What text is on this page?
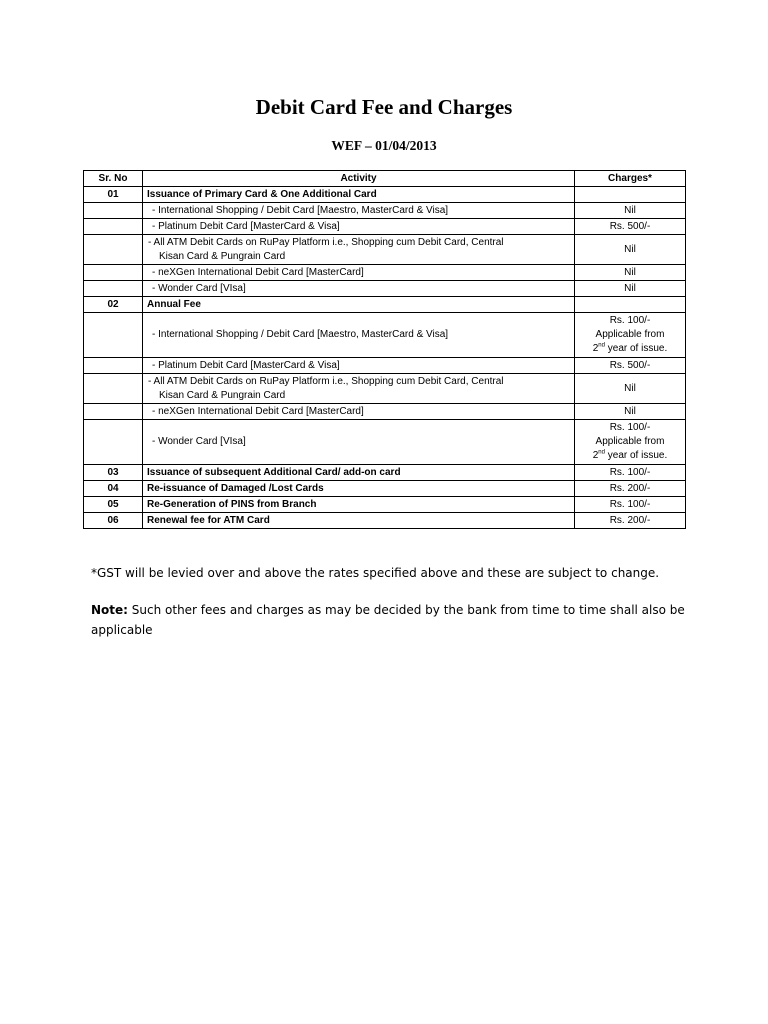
Debit Card Fee and Charges
WEF – 01/04/2013
Sr. No	Activity	Charges*
01	Issuance of Primary Card & One Additional Card	
	- International Shopping / Debit Card [Maestro, MasterCard & Visa]	Nil
	- Platinum Debit Card [MasterCard & Visa]	Rs. 500/-
	- All ATM Debit Cards on RuPay Platform i.e., Shopping cum Debit Card, Central
Kisan Card & Pungrain Card	Nil
	- neXGen International Debit Card [MasterCard]	Nil
	- Wonder Card [VIsa]	Nil
02	Annual Fee	
	- International Shopping / Debit Card [Maestro, MasterCard & Visa]	Rs. 100/-
Applicable from
2nd year of issue.

	- Platinum Debit Card [MasterCard & Visa]	Rs. 500/-
	- All ATM Debit Cards on RuPay Platform i.e., Shopping cum Debit Card, Central
Kisan Card & Pungrain Card	Nil
	- neXGen International Debit Card [MasterCard]	Nil
	- Wonder Card [VIsa]	Rs. 100/-
Applicable from
2nd year of issue.

03	Issuance of subsequent Additional Card/ add-on card	Rs. 100/-
04	Re-issuance of Damaged /Lost Cards	Rs. 200/-
05	Re-Generation of PINS from Branch	Rs. 100/-
06	Renewal fee for ATM Card	Rs. 200/-

*GST will be levied over and above the rates specified above and these are subject to change.

Note: Such other fees and charges as may be decided by the bank from time to time shall also be applicable
